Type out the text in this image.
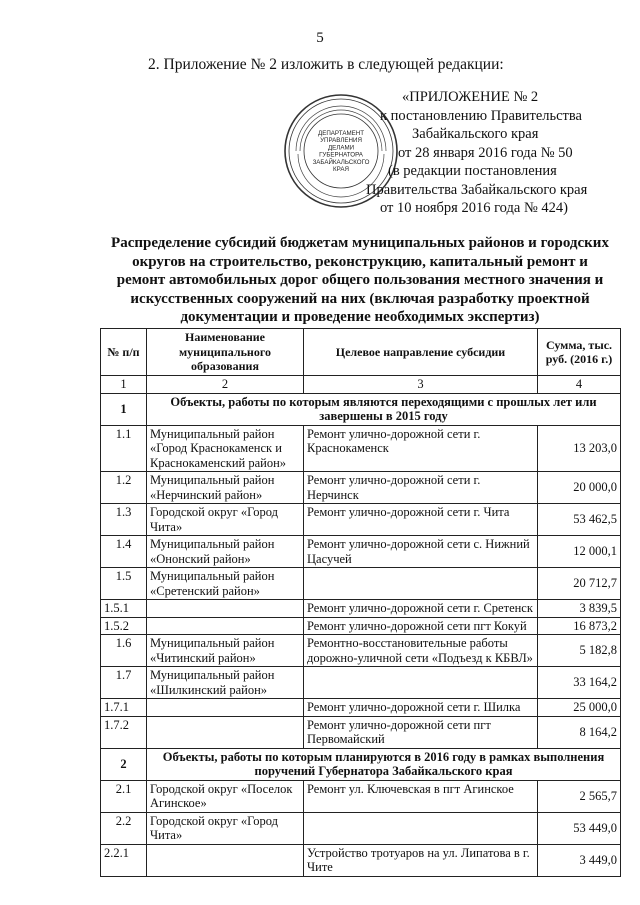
5
2. Приложение № 2 изложить в следующей редакции:
ДЕПАРТАМЕНТ
УПРАВЛЕНИЯ
ДЕЛАМИ
ГУБЕРНАТОРА
ЗАБАЙКАЛЬСКОГО
КРАЯ
«ПРИЛОЖЕНИЕ № 2
к постановлению Правительства
Забайкальского края
от 28 января 2016 года № 50
(в редакции постановления
Правительства Забайкальского края
от 10 ноября 2016 года № 424)
Распределение субсидий бюджетам муниципальных районов и городских
округов на строительство, реконструкцию, капитальный ремонт и
ремонт автомобильных дорог общего пользования местного значения и
искусственных сооружений на них (включая разработку проектной
документации и проведение необходимых экспертиз)
№ п/п	Наименование муниципального образования	Целевое направление субсидии	Сумма, тыс. руб. (2016 г.)
1	2	3	4
1	Объекты, работы по которым являются переходящими с прошлых лет или завершены в 2015 году		
1.1	Муниципальный район «Город Краснокаменск и Краснокаменский район»	Ремонт улично-дорожной сети г. Краснокаменск	13 203,0
1.2	Муниципальный район «Нерчинский район»	Ремонт улично-дорожной сети г. Нерчинск	20 000,0
1.3	Городской округ «Город Чита»	Ремонт улично-дорожной сети г. Чита	53 462,5
1.4	Муниципальный район «Ононский район»	Ремонт улично-дорожной сети с. Нижний Цасучей	12 000,1
1.5	Муниципальный район «Сретенский район»		20 712,7
1.5.1		Ремонт улично-дорожной сети г. Сретенск	3 839,5
1.5.2		Ремонт улично-дорожной сети пгт Кокуй	16 873,2
1.6	Муниципальный район «Читинский район»	Ремонтно-восстановительные работы дорожно-уличной сети «Подъезд к КБВЛ»	5 182,8
1.7	Муниципальный район «Шилкинский район»		33 164,2
1.7.1		Ремонт улично-дорожной сети г. Шилка	25 000,0
1.7.2		Ремонт улично-дорожной сети пгт Первомайский	8 164,2
2	Объекты, работы по которым планируются в 2016 году в рамках выполнения поручений Губернатора Забайкальского края		
2.1	Городской округ «Поселок Агинское»	Ремонт ул. Ключевская в пгт Агинское	2 565,7
2.2	Городской округ «Город Чита»		53 449,0
2.2.1		Устройство тротуаров на ул. Липатова в г. Чите	3 449,0
